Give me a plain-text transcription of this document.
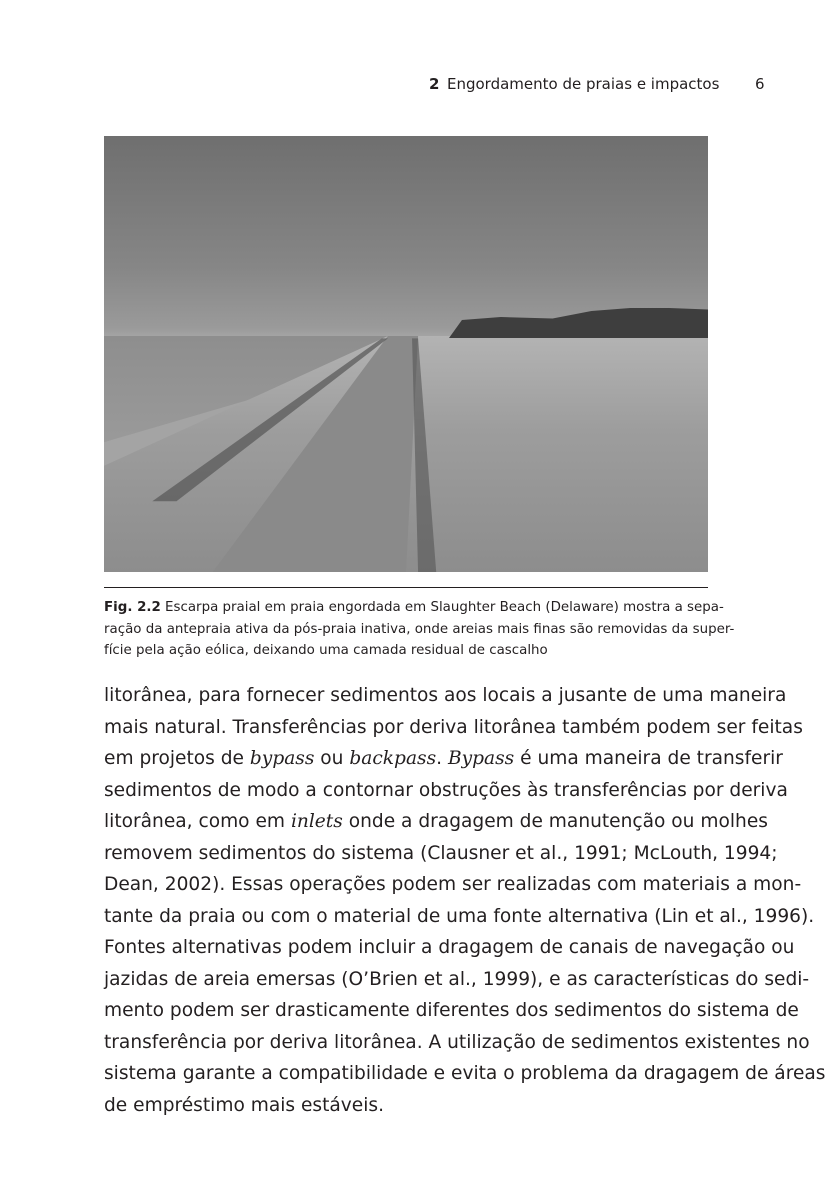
2 Engordamento de praias e impactos 6
Fig. 2.2 Escarpa praial em praia engordada em Slaughter Beach (Delaware) mostra a sepa-
ração da antepraia ativa da pós-praia inativa, onde areias mais finas são removidas da super-
fície pela ação eólica, deixando uma camada residual de cascalho
litorânea, para fornecer sedimentos aos locais a jusante de uma maneira
mais natural. Transferências por deriva litorânea também podem ser feitas
em projetos de bypass ou backpass. Bypass é uma maneira de transferir
sedimentos de modo a contornar obstruções às transferências por deriva
litorânea, como em inlets onde a dragagem de manutenção ou molhes
removem sedimentos do sistema (Clausner et al., 1991; McLouth, 1994;
Dean, 2002). Essas operações podem ser realizadas com materiais a mon-
tante da praia ou com o material de uma fonte alternativa (Lin et al., 1996).
Fontes alternativas podem incluir a dragagem de canais de navegação ou
jazidas de areia emersas (O’Brien et al., 1999), e as características do sedi-
mento podem ser drasticamente diferentes dos sedimentos do sistema de
transferência por deriva litorânea. A utilização de sedimentos existentes no
sistema garante a compatibilidade e evita o problema da dragagem de áreas
de empréstimo mais estáveis.
